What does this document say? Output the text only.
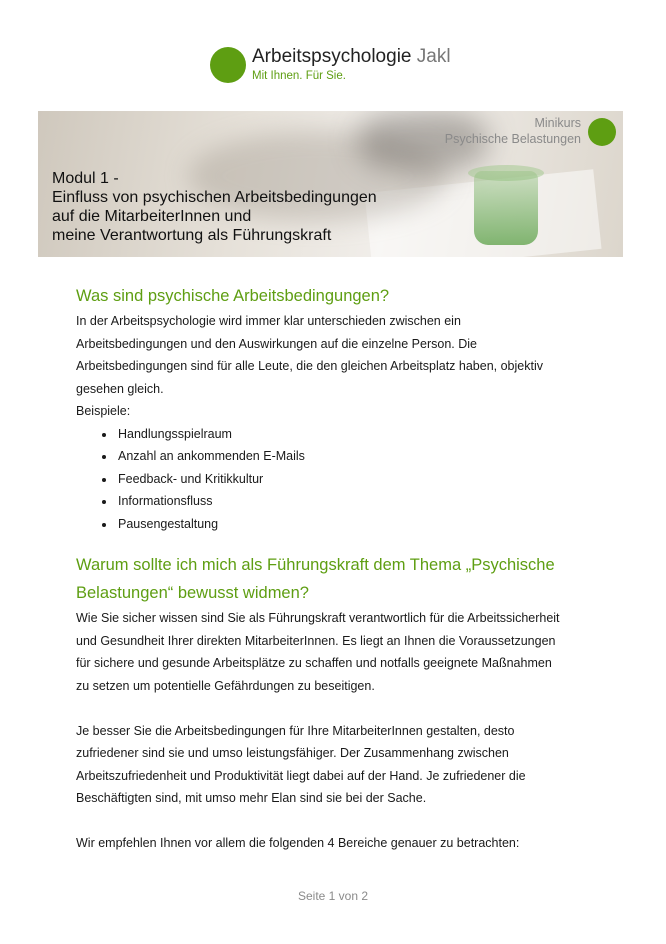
Arbeitspsychologie Jakl
Mit Ihnen. Für Sie.
Minikurs
Psychische Belastungen
Modul 1 -
Einfluss von psychischen Arbeitsbedingungen
auf die MitarbeiterInnen und
meine Verantwortung als Führungskraft
Was sind psychische Arbeitsbedingungen?

In der Arbeitspsychologie wird immer klar unterschieden zwischen ein
Arbeitsbedingungen und den Auswirkungen auf die einzelne Person. Die
Arbeitsbedingungen sind für alle Leute, die den gleichen Arbeitsplatz haben, objektiv
gesehen gleich.
Beispiele:

• Handlungsspielraum
• Anzahl an ankommenden E-Mails
• Feedback- und Kritikkultur
• Informationsfluss
• Pausengestaltung
Warum sollte ich mich als Führungskraft dem Thema „Psychische
Belastungen“ bewusst widmen?

Wie Sie sicher wissen sind Sie als Führungskraft verantwortlich für die Arbeitssicherheit
und Gesundheit Ihrer direkten MitarbeiterInnen. Es liegt an Ihnen die Voraussetzungen
für sichere und gesunde Arbeitsplätze zu schaffen und notfalls geeignete Maßnahmen
zu setzen um potentielle Gefährdungen zu beseitigen.

Je besser Sie die Arbeitsbedingungen für Ihre MitarbeiterInnen gestalten, desto
zufriedener sind sie und umso leistungsfähiger. Der Zusammenhang zwischen
Arbeitszufriedenheit und Produktivität liegt dabei auf der Hand. Je zufriedener die
Beschäftigten sind, mit umso mehr Elan sind sie bei der Sache.

Wir empfehlen Ihnen vor allem die folgenden 4 Bereiche genauer zu betrachten:

Seite 1 von 2
